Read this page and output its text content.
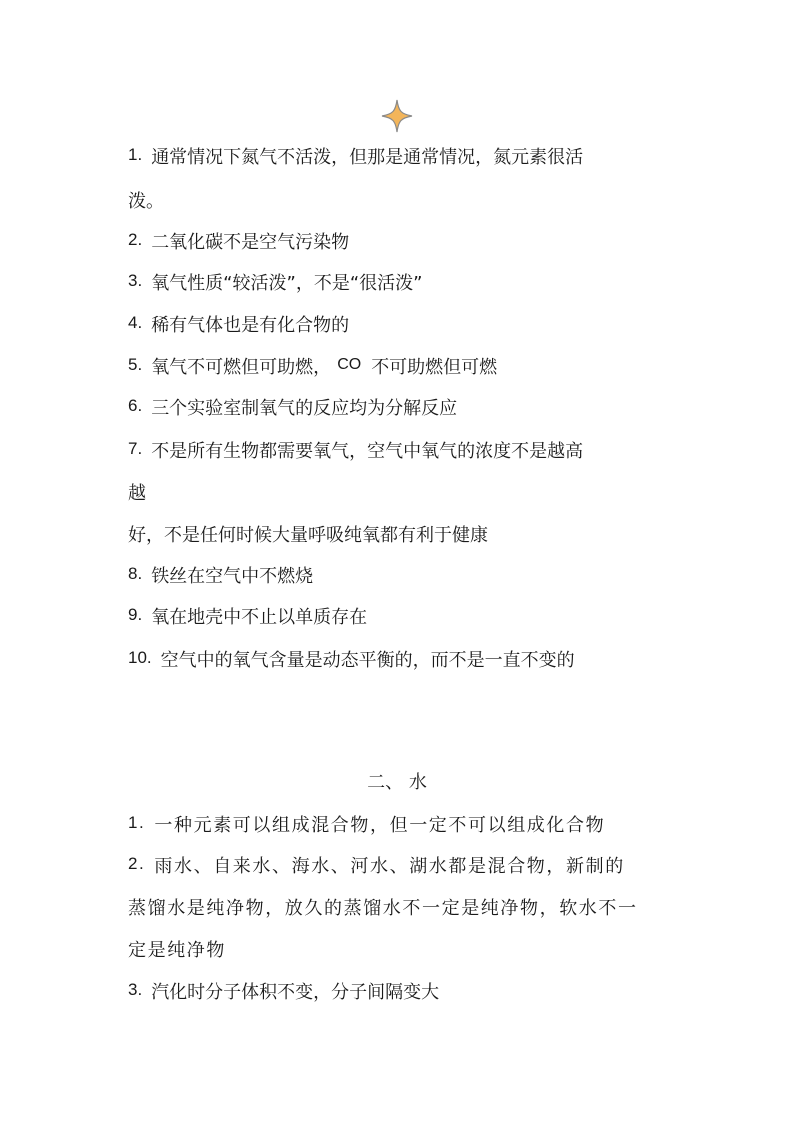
1. 通常情况下氮气不活泼，但那是通常情况，氮元素很活
泼。
2. 二氧化碳不是空气污染物
3. 氧气性质“较活泼”，不是“很活泼”
4. 稀有气体也是有化合物的
5. 氧气不可燃但可助燃， CO 不可助燃但可燃
6. 三个实验室制氧气的反应均为分解反应
7. 不是所有生物都需要氧气，空气中氧气的浓度不是越高
越
好，不是任何时候大量呼吸纯氧都有利于健康
8. 铁丝在空气中不燃烧
9. 氧在地壳中不止以单质存在
10. 空气中的氧气含量是动态平衡的，而不是一直不变的
二、 水
1. 一种元素可以组成混合物，但一定不可以组成化合物
2. 雨水、自来水、海水、河水、湖水都是混合物，新制的
蒸馏水是纯净物，放久的蒸馏水不一定是纯净物，软水不一
定是纯净物
3. 汽化时分子体积不变，分子间隔变大
